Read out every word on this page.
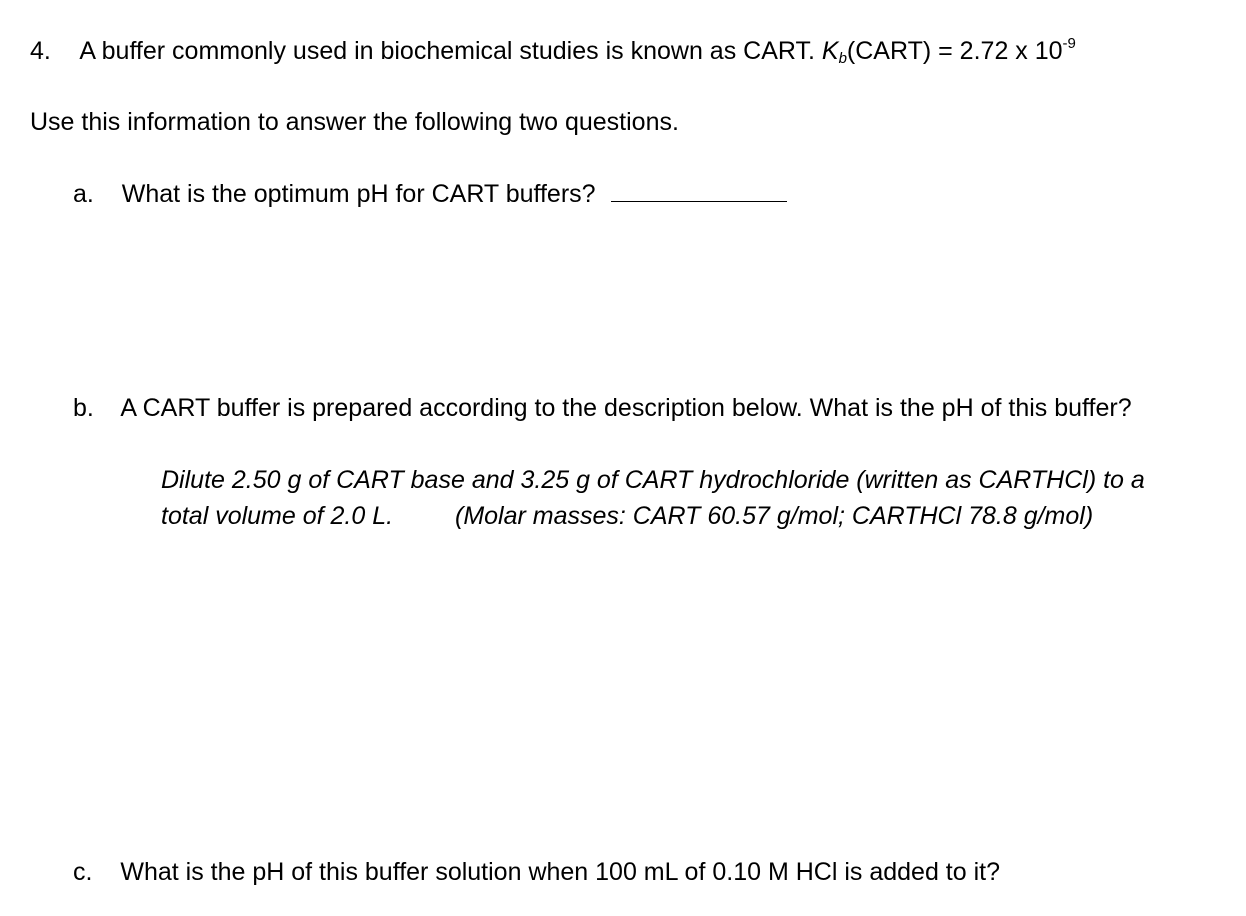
4. A buffer commonly used in biochemical studies is known as CART. $K_b(CART) = 2.72$ x $10^{-9}$
Use this information to answer the following two questions.
a. What is the optimum pH for CART buffers?
b. A CART buffer is prepared according to the description below. What is the pH of this buffer?
Dilute 2.50 g of CART base and 3.25 g of CART hydrochloride (written as CARTHCl) to a
total volume of 2.0 L. (Molar masses: CART 60.57 g/mol; CARTHCl 78.8 g/mol)
c. What is the pH of this buffer solution when 100 mL of 0.10 M HCl is added to it?
